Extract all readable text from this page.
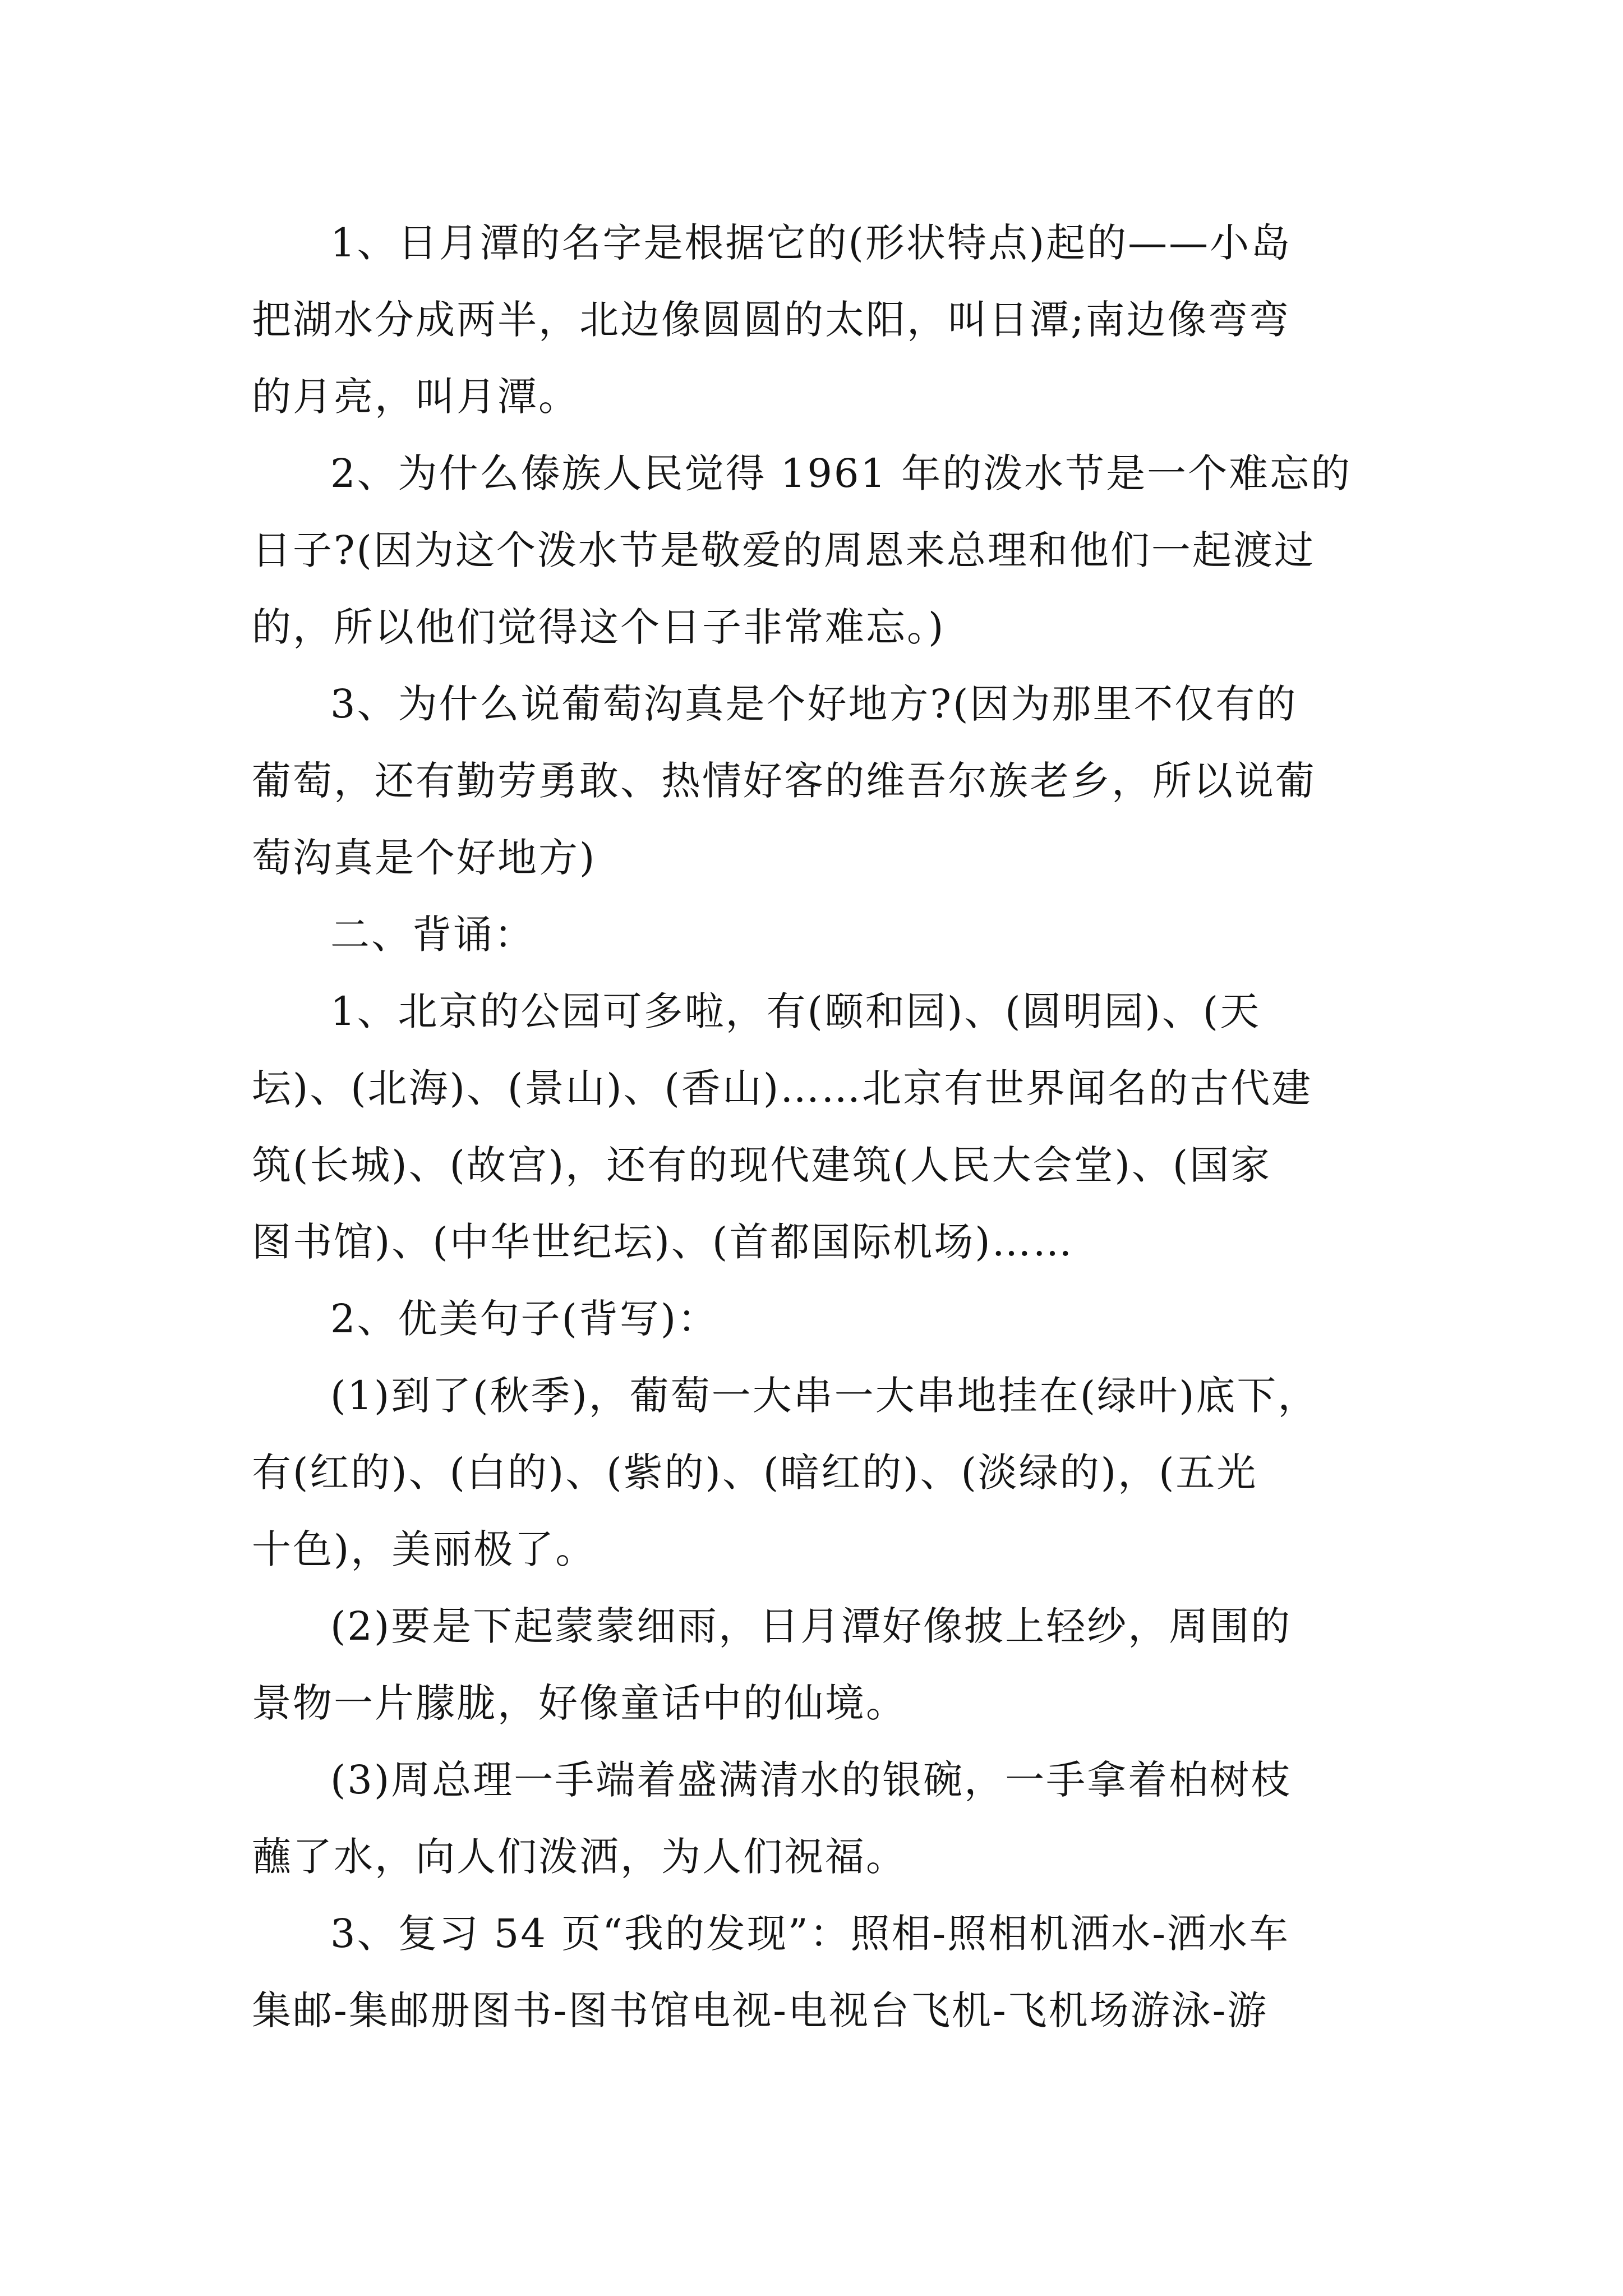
1、日月潭的名字是根据它的(形状特点)起的——小岛
把湖水分成两半，北边像圆圆的太阳，叫日潭;南边像弯弯
的月亮，叫月潭。

2、为什么傣族人民觉得 1961 年的泼水节是一个难忘的
日子?(因为这个泼水节是敬爱的周恩来总理和他们一起渡过
的，所以他们觉得这个日子非常难忘。)

3、为什么说葡萄沟真是个好地方?(因为那里不仅有的
葡萄，还有勤劳勇敢、热情好客的维吾尔族老乡，所以说葡
萄沟真是个好地方)

二、背诵：

1、北京的公园可多啦，有(颐和园)、(圆明园)、(天
坛)、(北海)、(景山)、(香山)……北京有世界闻名的古代建
筑(长城)、(故宫)，还有的现代建筑(人民大会堂)、(国家
图书馆)、(中华世纪坛)、(首都国际机场)……

2、优美句子(背写)：

(1)到了(秋季)，葡萄一大串一大串地挂在(绿叶)底下，
有(红的)、(白的)、(紫的)、(暗红的)、(淡绿的)，(五光
十色)，美丽极了。

(2)要是下起蒙蒙细雨，日月潭好像披上轻纱，周围的
景物一片朦胧，好像童话中的仙境。

(3)周总理一手端着盛满清水的银碗，一手拿着柏树枝
蘸了水，向人们泼洒，为人们祝福。

3、复习 54 页“我的发现”：照相-照相机洒水-洒水车
集邮-集邮册图书-图书馆电视-电视台飞机-飞机场游泳-游
